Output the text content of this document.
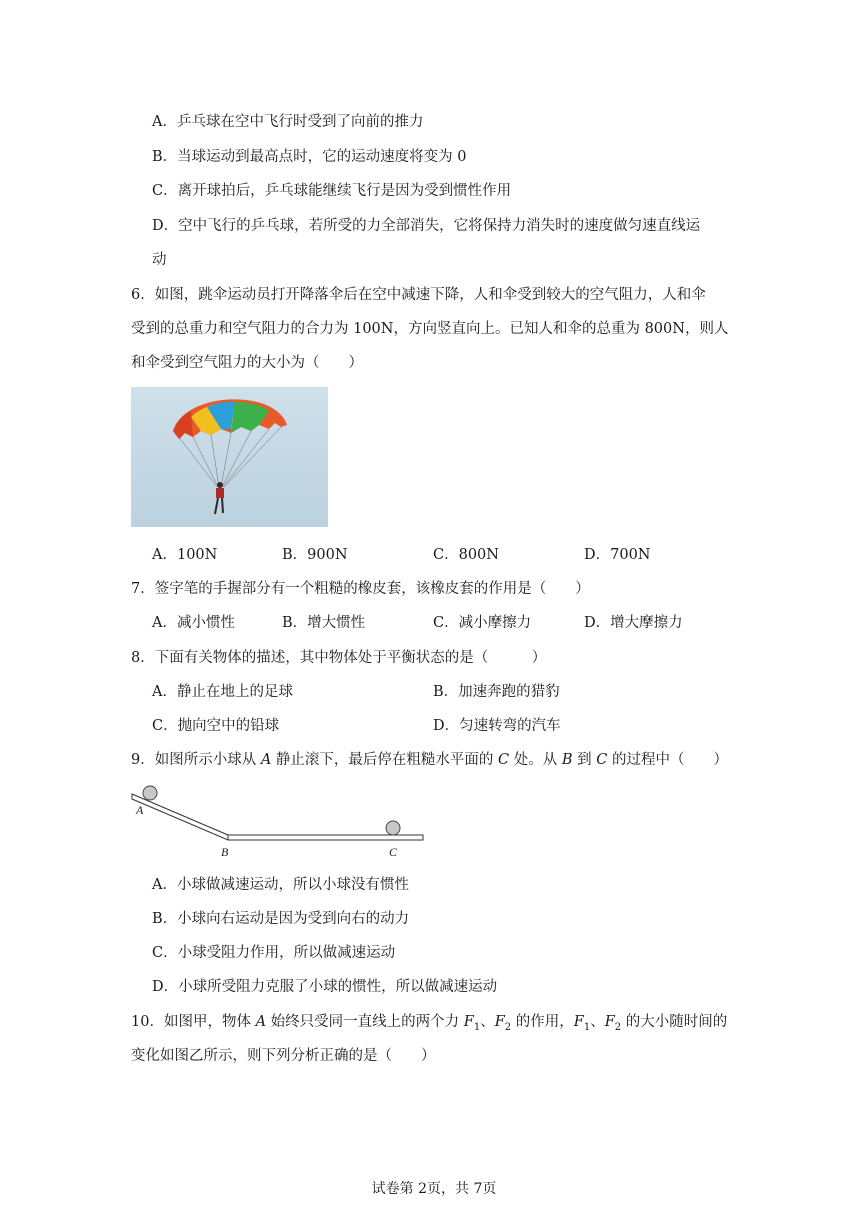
A．乒乓球在空中飞行时受到了向前的推力
B．当球运动到最高点时，它的运动速度将变为 0
C．离开球拍后，乒乓球能继续飞行是因为受到惯性作用
D．空中飞行的乒乓球，若所受的力全部消失，它将保持力消失时的速度做匀速直线运
动
6．如图，跳伞运动员打开降落伞后在空中减速下降，人和伞受到较大的空气阻力，人和伞
受到的总重力和空气阻力的合力为 100N，方向竖直向上。已知人和伞的总重为 800N，则人
和伞受到空气阻力的大小为（　　）
A．100N	B．900N	C．800N	D．700N
7．签字笔的手握部分有一个粗糙的橡皮套，该橡皮套的作用是（　　）
A．减小惯性	B．增大惯性	C．减小摩擦力	D．增大摩擦力
8．下面有关物体的描述，其中物体处于平衡状态的是（　　　）
A．静止在地上的足球	B．加速奔跑的猎豹
C．抛向空中的铅球	D．匀速转弯的汽车
9．如图所示小球从 A 静止滚下，最后停在粗糙水平面的 C 处。从 B 到 C 的过程中（　　）
A
B	C
A．小球做减速运动，所以小球没有惯性
B．小球向右运动是因为受到向右的动力
C．小球受阻力作用，所以做减速运动
D．小球所受阻力克服了小球的惯性，所以做减速运动
10．如图甲，物体 A 始终只受同一直线上的两个力 $F_1$、$F_2$ 的作用，$F_1$、$F_2$ 的大小随时间的
变化如图乙所示，则下列分析正确的是（　　）
试卷第 2页，共 7页
